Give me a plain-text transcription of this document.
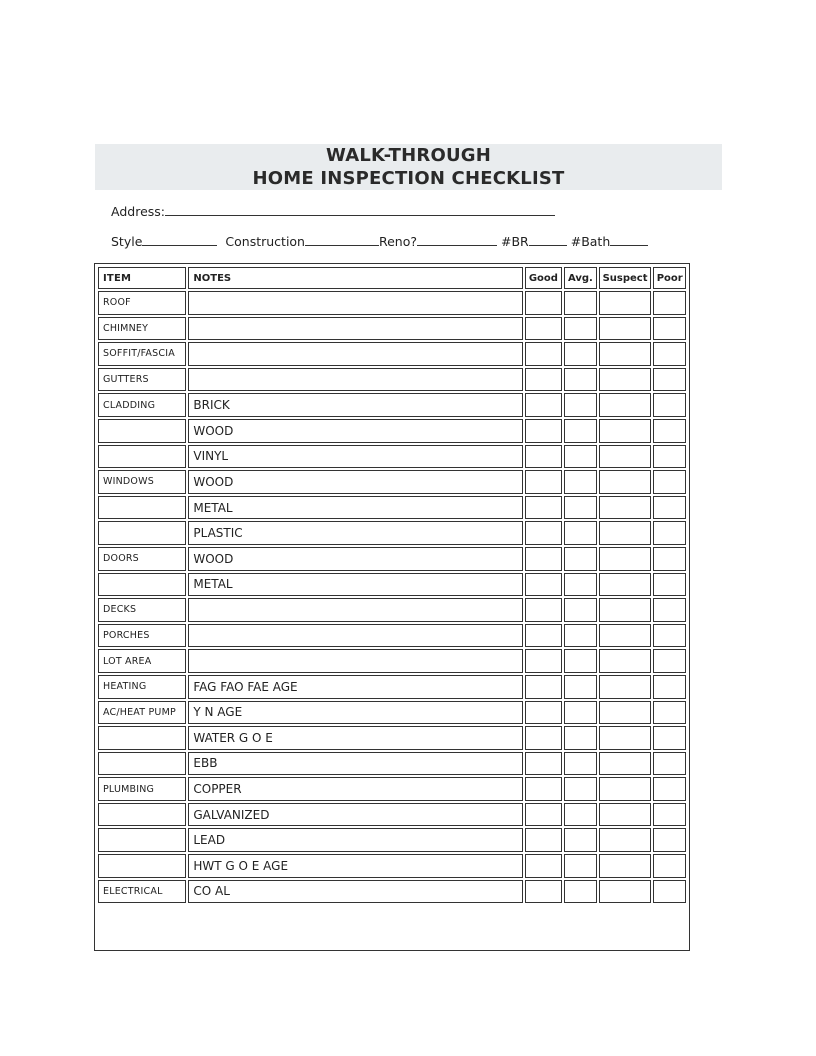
WALK-THROUGH
HOME INSPECTION CHECKLIST
Address:
Style	Construction	Reno?	#BR	#Bath
ITEM	NOTES	Good	Avg.	Suspect	Poor
ROOF					
CHIMNEY					
SOFFIT/FASCIA					
GUTTERS					
CLADDING	BRICK				
	WOOD				
	VINYL				
WINDOWS	WOOD				
	METAL				
	PLASTIC				
DOORS	WOOD				
	METAL				
DECKS					
PORCHES					
LOT AREA					
HEATING	FAG FAO FAE AGE				
AC/HEAT PUMP	Y N AGE				
	WATER G O E				
	EBB				
PLUMBING	COPPER				
	GALVANIZED				
	LEAD				
	HWT G O E AGE				
ELECTRICAL	CO AL				
